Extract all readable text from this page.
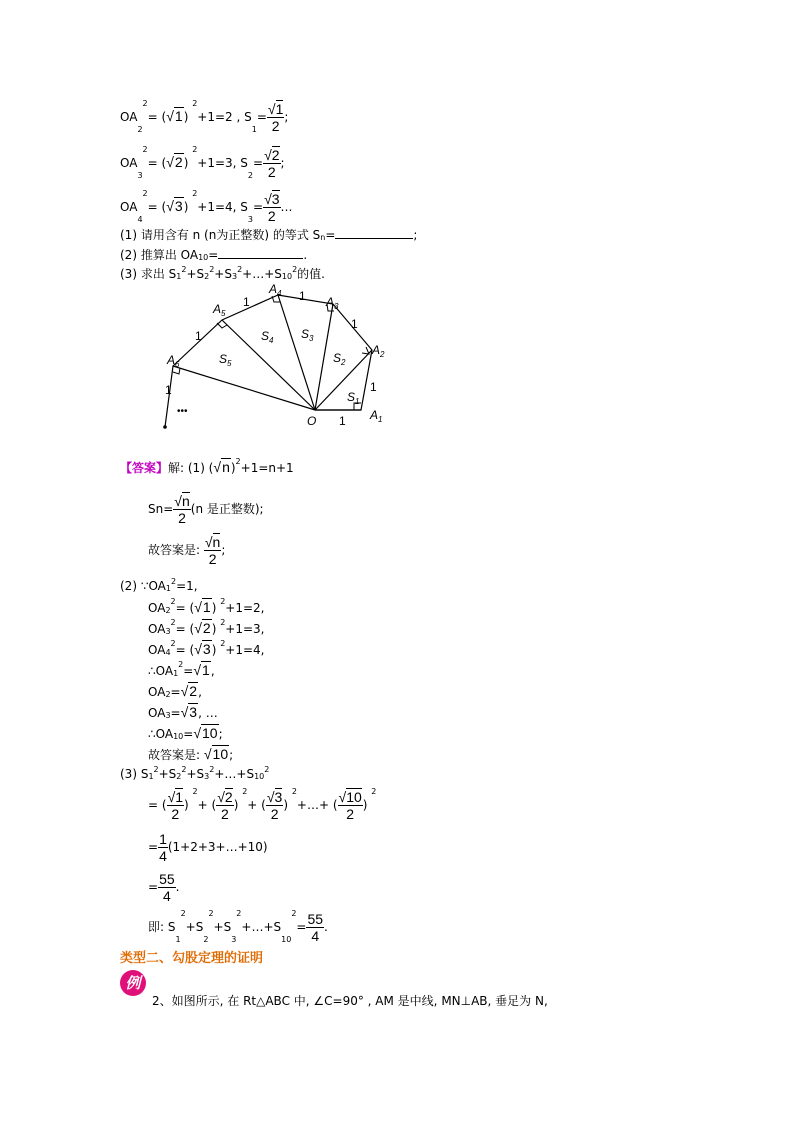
$OA_2^2= (√1)$ $^2$+1=2 , $S_1= \frac{√1}{2}$ ;
$OA_3^2= (√2)$ $^2$+1=3, $S_2= \frac{√2}{2}$ ;
$OA_4^2= (√3)$ $^2$+1=4, $S_3= \frac{√3}{2}$ …
(1) 请用含有 n (n为正整数) 的等式 $S_n=$	;
(2) 推算出 $OA_{10}=$	.
(3) 求出 $S_1^2+S_2^2+S_3^2+\dots+S_{10}^2$的值.
$A_1$
$A_2$
$A_3$
$A_4$
$A_5$
$A_6$
O
$S_1$
$S_2$
$S_3$
$S_4$
$S_5$
1
1
1
1
1
1
1
•••
【答案】解: (1) $(√n)^2+1=n+1$
$Sn= \frac{√n}{2} (n$ 是正整数);
故答案是: $\frac{√n}{2}$ ;
(2) $\because OA_1^2=1$,
$OA_2^2= (√1)$ $^2$+1=2,
$OA_3^2= (√2)$ $^2$+1=3,
$OA_4^2= (√3)$ $^2$+1=4,
$\therefore OA_1^2=√1$,
$OA_2=√2$,
$OA_3=√3$, …
$\therefore OA_{10}=√10$;
故答案是: √10;
(3) $S_1^2+S_2^2+S_3^2+\dots+S_{10}^2$
= ( $\frac{√1}{2}$ ) $^2$+ ( $\frac{√2}{2}$ ) $^2$+ ( $\frac{√3}{2}$ ) $^2$+…+ ( $\frac{√10}{2}$ ) $^2$
= $\frac{1}{4}$ (1+2+3+…+10)
= $\frac{55}{4}$ .
即: $S_1^2+S_2^2+S_3^2+\dots+S_{10}^2= \frac{55}{4}$ .
类型二、勾股定理的证明
例
2、如图所示, 在 Rt△ABC 中, ∠C=90° , AM 是中线, MN⊥AB, 垂足为 N,
